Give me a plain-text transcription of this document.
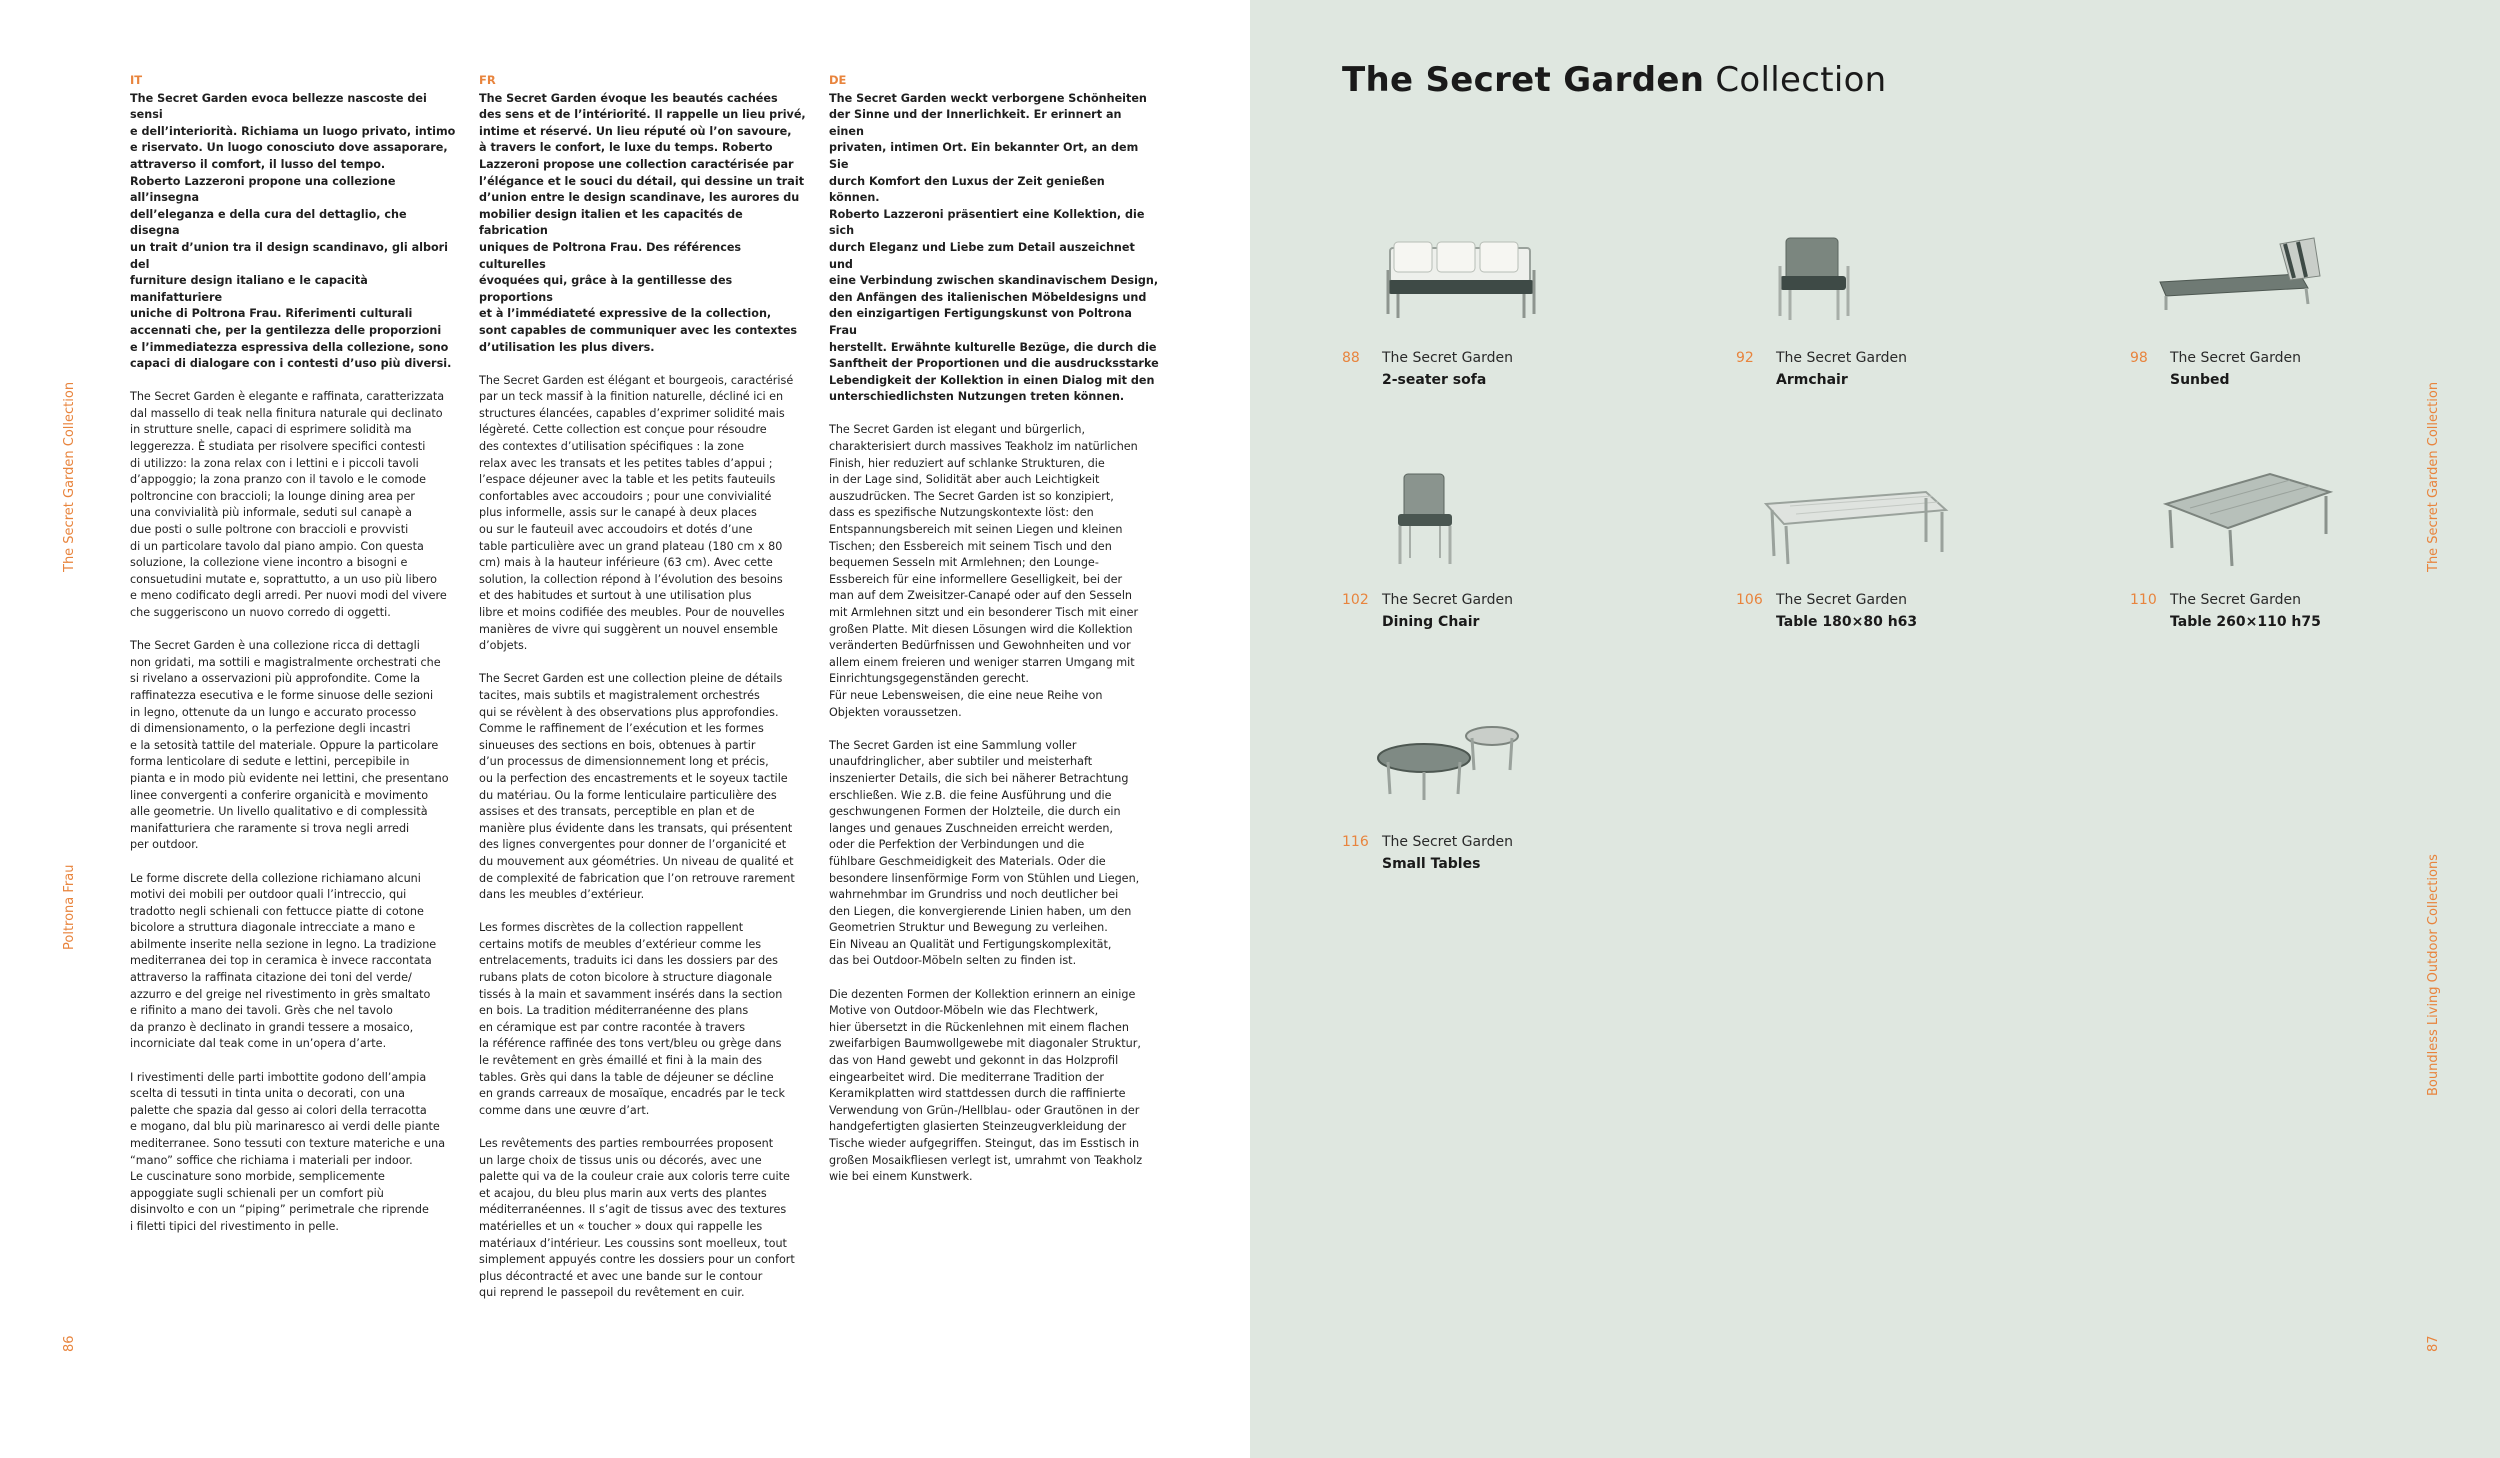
The Secret Garden Collection
Poltrona Frau
86
IT

The Secret Garden evoca bellezze nascoste dei sensi
e dell’interiorità. Richiama un luogo privato, intimo
e riservato. Un luogo conosciuto dove assaporare,
attraverso il comfort, il lusso del tempo.
Roberto Lazzeroni propone una collezione all’insegna
dell’eleganza e della cura del dettaglio, che disegna
un trait d’union tra il design scandinavo, gli albori del
furniture design italiano e le capacità manifatturiere
uniche di Poltrona Frau. Riferimenti culturali
accennati che, per la gentilezza delle proporzioni
e l’immediatezza espressiva della collezione, sono
capaci di dialogare con i contesti d’uso più diversi.

The Secret Garden è elegante e raffinata, caratterizzata
dal massello di teak nella finitura naturale qui declinato
in strutture snelle, capaci di esprimere solidità ma
leggerezza. È studiata per risolvere specifici contesti
di utilizzo: la zona relax con i lettini e i piccoli tavoli
d’appoggio; la zona pranzo con il tavolo e le comode
poltroncine con braccioli; la lounge dining area per
una convivialità più informale, seduti sul canapè a
due posti o sulle poltrone con braccioli e provvisti
di un particolare tavolo dal piano ampio. Con questa
soluzione, la collezione viene incontro a bisogni e
consuetudini mutate e, soprattutto, a un uso più libero
e meno codificato degli arredi. Per nuovi modi del vivere
che suggeriscono un nuovo corredo di oggetti.

The Secret Garden è una collezione ricca di dettagli
non gridati, ma sottili e magistralmente orchestrati che
si rivelano a osservazioni più approfondite. Come la
raffinatezza esecutiva e le forme sinuose delle sezioni
in legno, ottenute da un lungo e accurato processo
di dimensionamento, o la perfezione degli incastri
e la setosità tattile del materiale. Oppure la particolare
forma lenticolare di sedute e lettini, percepibile in
pianta e in modo più evidente nei lettini, che presentano
linee convergenti a conferire organicità e movimento
alle geometrie. Un livello qualitativo e di complessità
manifatturiera che raramente si trova negli arredi
per outdoor.

Le forme discrete della collezione richiamano alcuni
motivi dei mobili per outdoor quali l’intreccio, qui
tradotto negli schienali con fettucce piatte di cotone
bicolore a struttura diagonale intrecciate a mano e
abilmente inserite nella sezione in legno. La tradizione
mediterranea dei top in ceramica è invece raccontata
attraverso la raffinata citazione dei toni del verde/
azzurro e del greige nel rivestimento in grès smaltato
e rifinito a mano dei tavoli. Grès che nel tavolo
da pranzo è declinato in grandi tessere a mosaico,
incorniciate dal teak come in un’opera d’arte.

I rivestimenti delle parti imbottite godono dell’ampia
scelta di tessuti in tinta unita o decorati, con una
palette che spazia dal gesso ai colori della terracotta
e mogano, dal blu più marinaresco ai verdi delle piante
mediterranee. Sono tessuti con texture materiche e una
“mano” soffice che richiama i materiali per indoor.
Le cuscinature sono morbide, semplicemente
appoggiate sugli schienali per un comfort più
disinvolto e con un “piping” perimetrale che riprende
i filetti tipici del rivestimento in pelle.

FR

The Secret Garden évoque les beautés cachées
des sens et de l’intériorité. Il rappelle un lieu privé,
intime et réservé. Un lieu réputé où l’on savoure,
à travers le confort, le luxe du temps. Roberto
Lazzeroni propose une collection caractérisée par
l’élégance et le souci du détail, qui dessine un trait
d’union entre le design scandinave, les aurores du
mobilier design italien et les capacités de fabrication
uniques de Poltrona Frau. Des références culturelles
évoquées qui, grâce à la gentillesse des proportions
et à l’immédiateté expressive de la collection,
sont capables de communiquer avec les contextes
d’utilisation les plus divers.

The Secret Garden est élégant et bourgeois, caractérisé
par un teck massif à la finition naturelle, décliné ici en
structures élancées, capables d’exprimer solidité mais
légèreté. Cette collection est conçue pour résoudre
des contextes d’utilisation spécifiques : la zone
relax avec les transats et les petites tables d’appui ;
l’espace déjeuner avec la table et les petits fauteuils
confortables avec accoudoirs ; pour une convivialité
plus informelle, assis sur le canapé à deux places
ou sur le fauteuil avec accoudoirs et dotés d’une
table particulière avec un grand plateau (180 cm x 80
cm) mais à la hauteur inférieure (63 cm). Avec cette
solution, la collection répond à l’évolution des besoins
et des habitudes et surtout à une utilisation plus
libre et moins codifiée des meubles. Pour de nouvelles
manières de vivre qui suggèrent un nouvel ensemble
d’objets.

The Secret Garden est une collection pleine de détails
tacites, mais subtils et magistralement orchestrés
qui se révèlent à des observations plus approfondies.
Comme le raffinement de l’exécution et les formes
sinueuses des sections en bois, obtenues à partir
d’un processus de dimensionnement long et précis,
ou la perfection des encastrements et le soyeux tactile
du matériau. Ou la forme lenticulaire particulière des
assises et des transats, perceptible en plan et de
manière plus évidente dans les transats, qui présentent
des lignes convergentes pour donner de l’organicité et
du mouvement aux géométries. Un niveau de qualité et
de complexité de fabrication que l’on retrouve rarement
dans les meubles d’extérieur.

Les formes discrètes de la collection rappellent
certains motifs de meubles d’extérieur comme les
entrelacements, traduits ici dans les dossiers par des
rubans plats de coton bicolore à structure diagonale
tissés à la main et savamment insérés dans la section
en bois. La tradition méditerranéenne des plans
en céramique est par contre racontée à travers
la référence raffinée des tons vert/bleu ou grège dans
le revêtement en grès émaillé et fini à la main des
tables. Grès qui dans la table de déjeuner se décline
en grands carreaux de mosaïque, encadrés par le teck
comme dans une œuvre d’art.

Les revêtements des parties rembourrées proposent
un large choix de tissus unis ou décorés, avec une
palette qui va de la couleur craie aux coloris terre cuite
et acajou, du bleu plus marin aux verts des plantes
méditerranéennes. Il s’agit de tissus avec des textures
matérielles et un « toucher » doux qui rappelle les
matériaux d’intérieur. Les coussins sont moelleux, tout
simplement appuyés contre les dossiers pour un confort
plus décontracté et avec une bande sur le contour
qui reprend le passepoil du revêtement en cuir.

DE

The Secret Garden weckt verborgene Schönheiten
der Sinne und der Innerlichkeit. Er erinnert an einen
privaten, intimen Ort. Ein bekannter Ort, an dem Sie
durch Komfort den Luxus der Zeit genießen können.
Roberto Lazzeroni präsentiert eine Kollektion, die sich
durch Eleganz und Liebe zum Detail auszeichnet und
eine Verbindung zwischen skandinavischem Design,
den Anfängen des italienischen Möbeldesigns und
den einzigartigen Fertigungskunst von Poltrona Frau
herstellt. Erwähnte kulturelle Bezüge, die durch die
Sanftheit der Proportionen und die ausdrucksstarke
Lebendigkeit der Kollektion in einen Dialog mit den
unterschiedlichsten Nutzungen treten können.

The Secret Garden ist elegant und bürgerlich,
charakterisiert durch massives Teakholz im natürlichen
Finish, hier reduziert auf schlanke Strukturen, die
in der Lage sind, Solidität aber auch Leichtigkeit
auszudrücken. The Secret Garden ist so konzipiert,
dass es spezifische Nutzungskontexte löst: den
Entspannungsbereich mit seinen Liegen und kleinen
Tischen; den Essbereich mit seinem Tisch und den
bequemen Sesseln mit Armlehnen; den Lounge-
Essbereich für eine informellere Geselligkeit, bei der
man auf dem Zweisitzer-Canapé oder auf den Sesseln
mit Armlehnen sitzt und ein besonderer Tisch mit einer
großen Platte. Mit diesen Lösungen wird die Kollektion
veränderten Bedürfnissen und Gewohnheiten und vor
allem einem freieren und weniger starren Umgang mit
Einrichtungsgegenständen gerecht.
Für neue Lebensweisen, die eine neue Reihe von
Objekten voraussetzen.

The Secret Garden ist eine Sammlung voller
unaufdringlicher, aber subtiler und meisterhaft
inszenierter Details, die sich bei näherer Betrachtung
erschließen. Wie z.B. die feine Ausführung und die
geschwungenen Formen der Holzteile, die durch ein
langes und genaues Zuschneiden erreicht werden,
oder die Perfektion der Verbindungen und die
fühlbare Geschmeidigkeit des Materials. Oder die
besondere linsenförmige Form von Stühlen und Liegen,
wahrnehmbar im Grundriss und noch deutlicher bei
den Liegen, die konvergierende Linien haben, um den
Geometrien Struktur und Bewegung zu verleihen.
Ein Niveau an Qualität und Fertigungskomplexität,
das bei Outdoor-Möbeln selten zu finden ist.

Die dezenten Formen der Kollektion erinnern an einige
Motive von Outdoor-Möbeln wie das Flechtwerk,
hier übersetzt in die Rückenlehnen mit einem flachen
zweifarbigen Baumwollgewebe mit diagonaler Struktur,
das von Hand gewebt und gekonnt in das Holzprofil
eingearbeitet wird. Die mediterrane Tradition der
Keramikplatten wird stattdessen durch die raffinierte
Verwendung von Grün-/Hellblau- oder Grautönen in der
handgefertigten glasierten Steinzeugverkleidung der
Tische wieder aufgegriffen. Steingut, das im Esstisch in
großen Mosaikfliesen verlegt ist, umrahmt von Teakholz
wie bei einem Kunstwerk.

The Secret Garden Collection
The Secret Garden Collection
Boundless Living Outdoor Collections
87
88 The Secret Garden
2-seater sofa
92 The Secret Garden
Armchair
98 The Secret Garden
Sunbed
102 The Secret Garden
Dining Chair
106 The Secret Garden
Table 180×80 h63
110 The Secret Garden
Table 260×110 h75
116 The Secret Garden
Small Tables
